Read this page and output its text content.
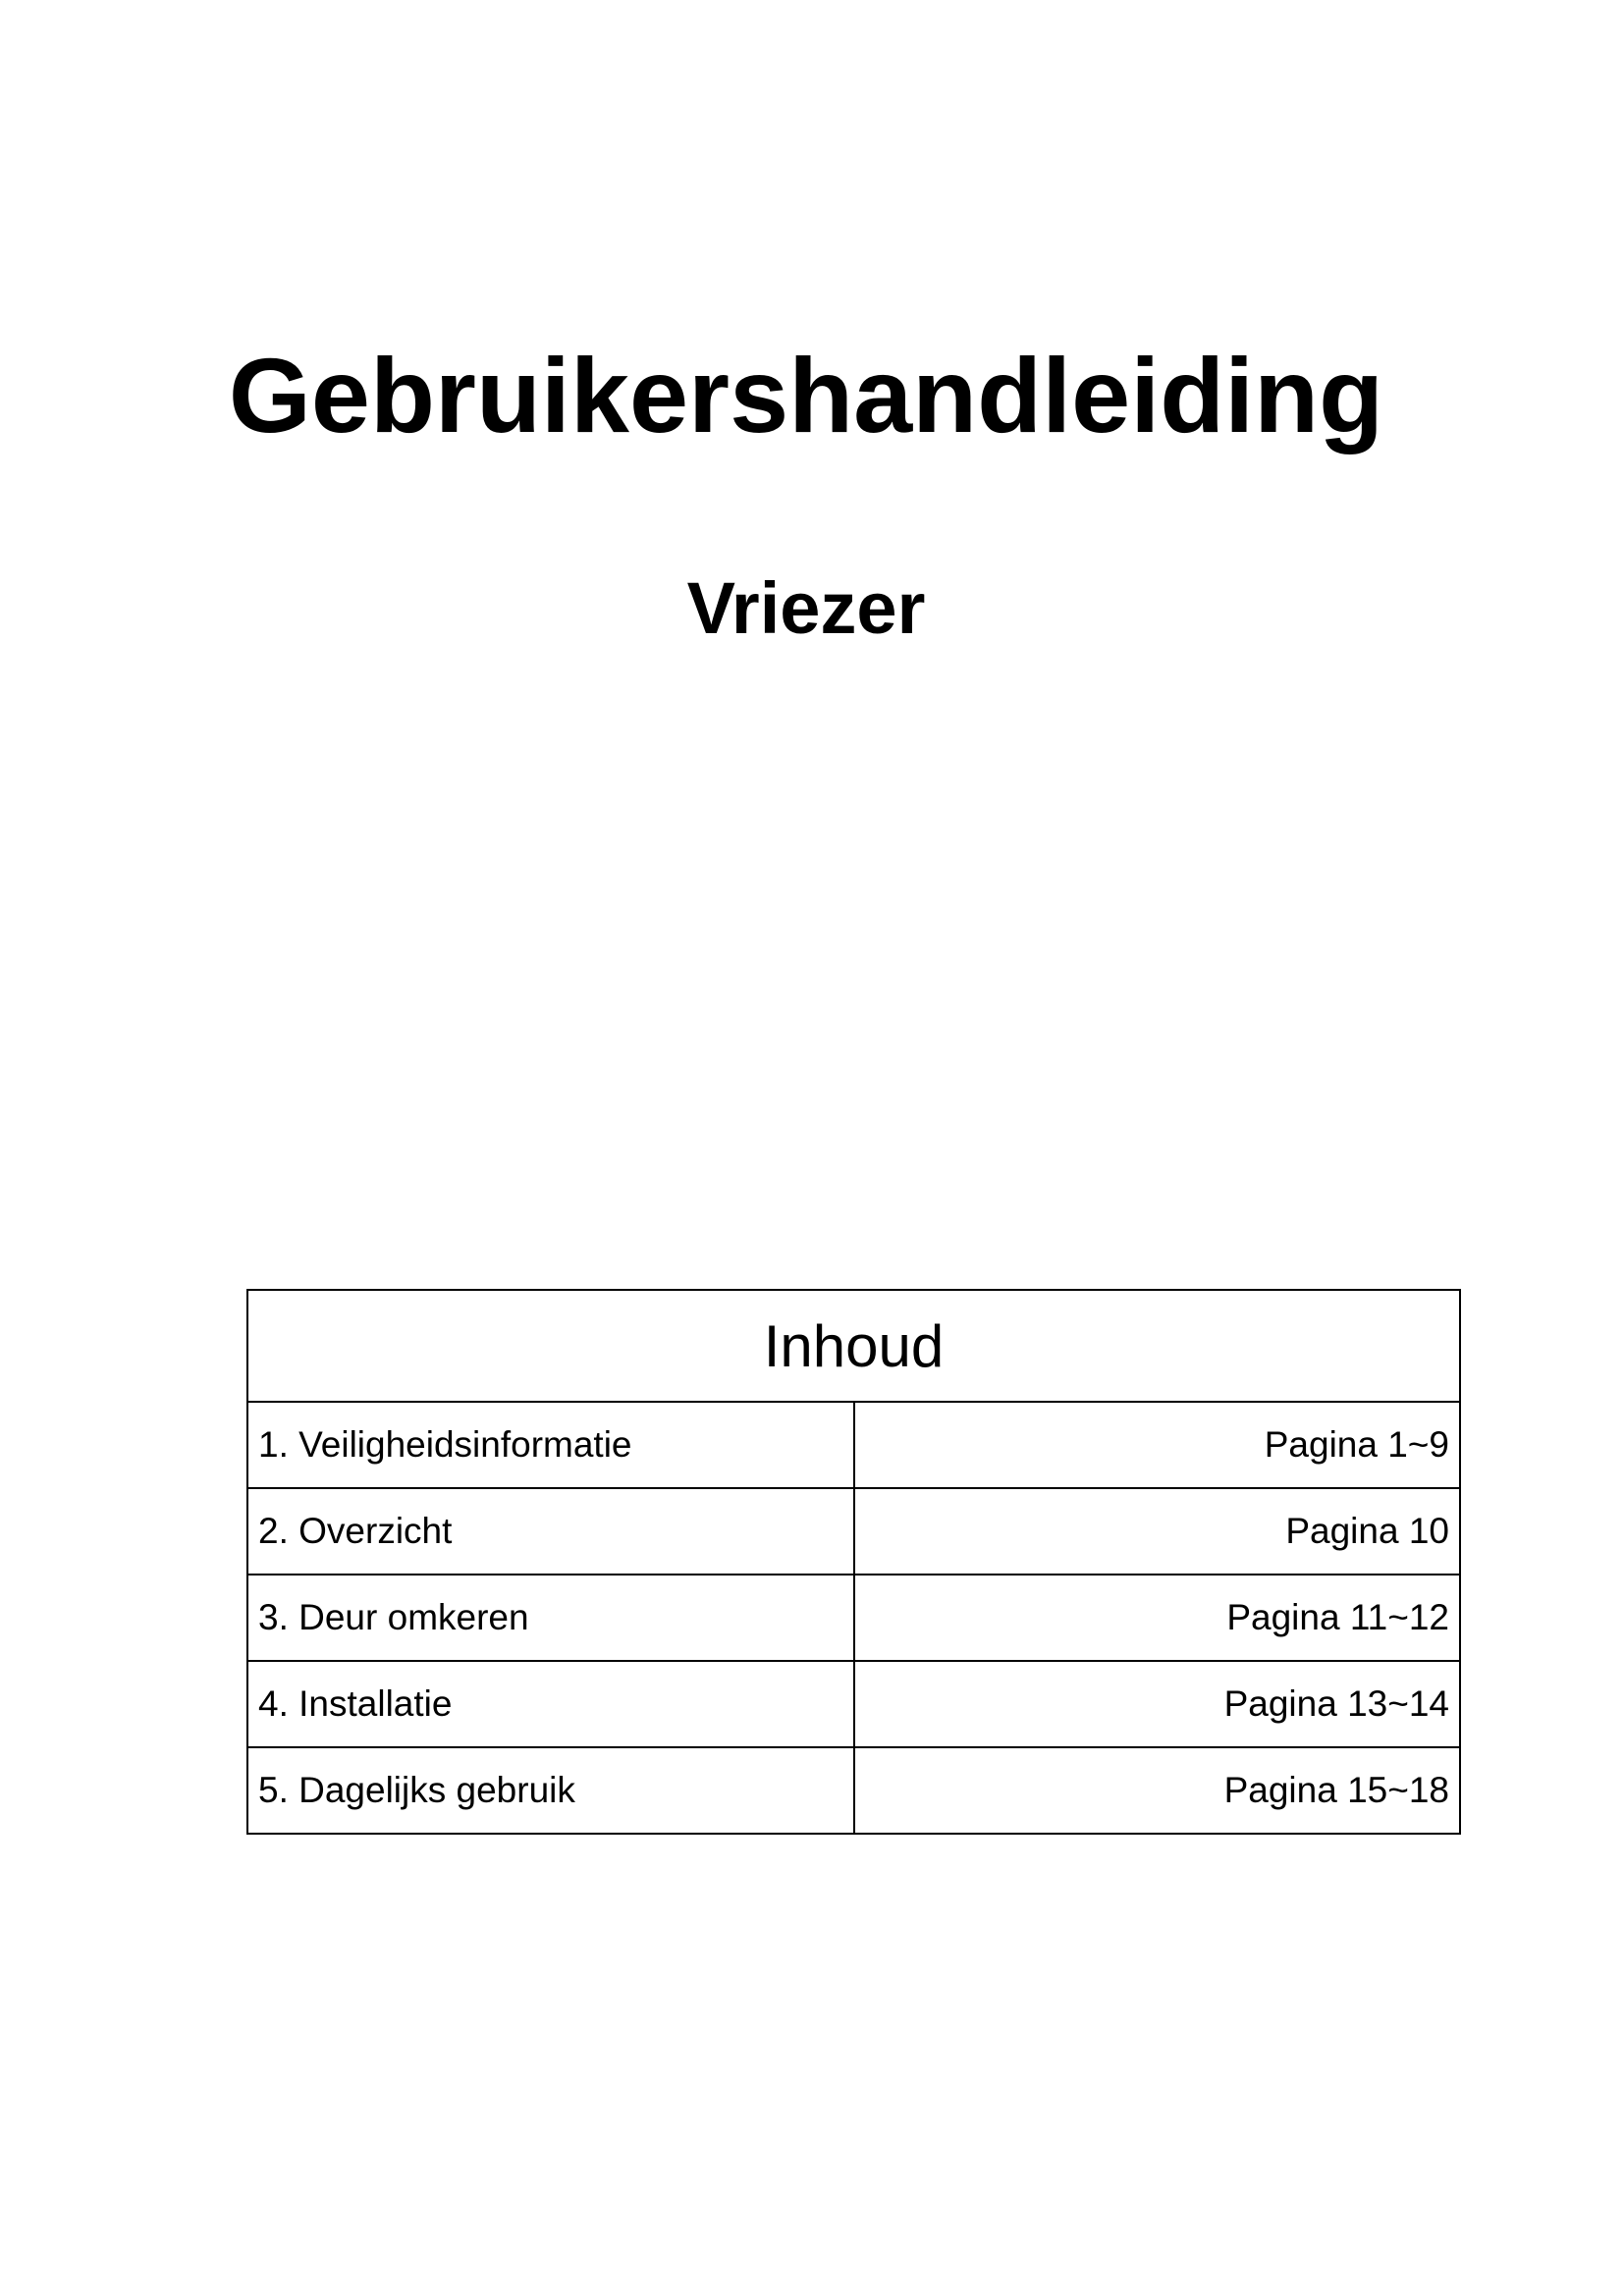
Gebruikershandleiding
Vriezer
Inhoud	
1. Veiligheidsinformatie	Pagina 1~9
2. Overzicht	Pagina 10
3. Deur omkeren	Pagina 11~12
4. Installatie	Pagina 13~14
5. Dagelijks gebruik	Pagina 15~18
